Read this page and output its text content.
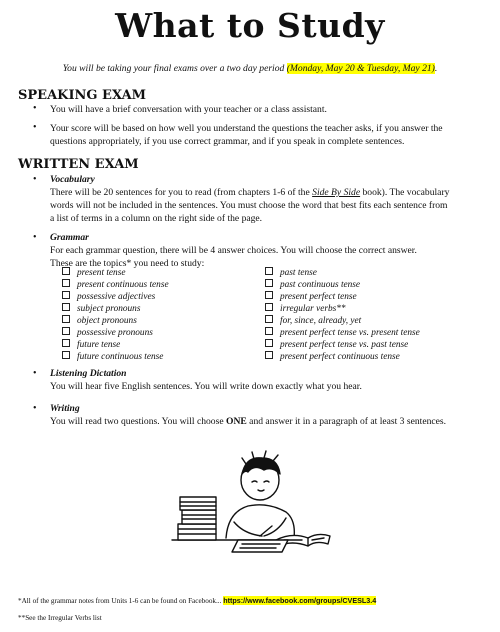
What to Study
You will be taking your final exams over a two day period (Monday, May 20 & Tuesday, May 21).
SPEAKING EXAM
• You will have a brief conversation with your teacher or a class assistant.
• Your score will be based on how well you understand the questions the teacher asks, if you answer the
questions appropriately, if you use correct grammar, and if you speak in complete sentences.
WRITTEN EXAM
• Vocabulary
There will be 20 sentences for you to read (from chapters 1-6 of the Side By Side book). The vocabulary
words will not be included in the sentences. You must choose the word that best fits each sentence from
a list of terms in a column on the right side of the page.
• Grammar
For each grammar question, there will be 4 answer choices. You will choose the correct answer.
These are the topics* you need to study:
present tense
present continuous tense
possessive adjectives
subject pronouns
object pronouns
possessive pronouns
future tense
future continuous tense
past tense
past continuous tense
present perfect tense
irregular verbs**
for, since, already, yet
present perfect tense vs. present tense
present perfect tense vs. past tense
present perfect continuous tense
• Listening Dictation
You will hear five English sentences. You will write down exactly what you hear.
• Writing
You will read two questions. You will choose ONE and answer it in a paragraph of at least 3 sentences.
*All of the grammar notes from Units 1-6 can be found on Facebook... https://www.facebook.com/groups/CVESL3.4
**See the Irregular Verbs list
